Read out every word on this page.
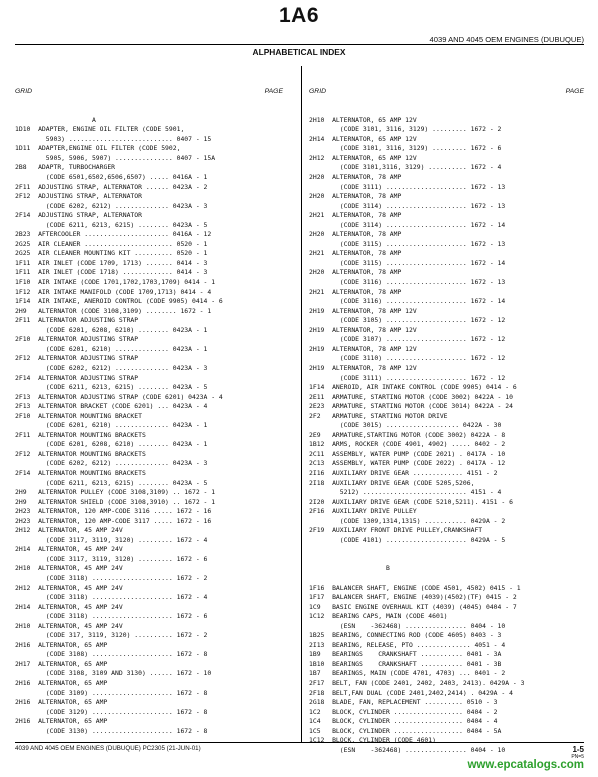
1A6
4039 AND 4045 OEM ENGINES (DUBUQUE)
ALPHABETICAL INDEX

GRID

	PAGE

A
1D10  ADAPTER, ENGINE OIL FILTER (CODE 5901,
5903) ........................... 0407 - 15
1D11  ADAPTER,ENGINE OIL FILTER (CODE 5902,
5905, 5906, 5907) ............... 0407 - 15A
2B8   ADAPTR, TURBOCHARGER
(CODE 6501,6502,6506,6507) ..... 0416A - 1
2F11  ADJUSTING STRAP, ALTERNATOR ...... 0423A - 2
2F12  ADJUSTING STRAP, ALTERNATOR
(CODE 6202, 6212) .............. 0423A - 3
2F14  ADJUSTING STRAP, ALTERNATOR
(CODE 6211, 6213, 6215) ........ 0423A - 5
2B23  AFTERCOOLER ...................... 0416A - 12
2G25  AIR CLEANER ....................... 0520 - 1
2G25  AIR CLEANER MOUNTING KIT .......... 0520 - 1
1F11  AIR INLET (CODE 1709, 1713) ....... 0414 - 3
1F11  AIR INLET (CODE 1718) ............. 0414 - 3
1F10  AIR INTAKE (CODE 1701,1702,1703,1709) 0414 - 1
1F12  AIR INTAKE MANIFOLD (CODE 1709,1713) 0414 - 4
1F14  AIR INTAKE, ANEROID CONTROL (CODE 9905) 0414 - 6
2H9   ALTERNATOR (CODE 3108,3109) ........ 1672 - 1
2F11  ALTERNATOR ADJUSTING STRAP
(CODE 6201, 6208, 6210) ........ 0423A - 1
2F10  ALTERNATOR ADJUSTING STRAP
(CODE 6201, 6210) .............. 0423A - 1
2F12  ALTERNATOR ADJUSTING STRAP
(CODE 6202, 6212) .............. 0423A - 3
2F14  ALTERNATOR ADJUSTING STRAP
(CODE 6211, 6213, 6215) ........ 0423A - 5
2F13  ALTERNATOR ADJUSTING STRAP (CODE 6201) 0423A - 4
2F13  ALTERNATOR BRACKET (CODE 6201) ... 0423A - 4
2F10  ALTERNATOR MOUNTING BRACKET
(CODE 6201, 6210) .............. 0423A - 1
2F11  ALTERNATOR MOUNTING BRACKETS
(CODE 6201, 6208, 6210) ........ 0423A - 1
2F12  ALTERNATOR MOUNTING BRACKETS
(CODE 6202, 6212) .............. 0423A - 3
2F14  ALTERNATOR MOUNTING BRACKETS
(CODE 6211, 6213, 6215) ........ 0423A - 5
2H9   ALTERNATOR PULLEY (CODE 3108,3109) .. 1672 - 1
2H9   ALTERNATOR SHIELD (CODE 3108,3910) .. 1672 - 1
2H23  ALTERNATOR, 120 AMP-CODE 3116 ..... 1672 - 16
2H23  ALTERNATOR, 120 AMP-CODE 3117 ..... 1672 - 16
2H12  ALTERNATOR, 45 AMP 24V
(CODE 3117, 3119, 3120) ......... 1672 - 4
2H14  ALTERNATOR, 45 AMP 24V
(CODE 3117, 3119, 3120) ......... 1672 - 6
2H10  ALTERNATOR, 45 AMP 24V
(CODE 3118) ..................... 1672 - 2
2H12  ALTERNATOR, 45 AMP 24V
(CODE 3118) ..................... 1672 - 4
2H14  ALTERNATOR, 45 AMP 24V
(CODE 3118) ..................... 1672 - 6
2H10  ALTERNATOR, 45 AMP 24V
(CODE 317, 3119, 3120) .......... 1672 - 2
2H16  ALTERNATOR, 65 AMP
(CODE 3108) ..................... 1672 - 8
2H17  ALTERNATOR, 65 AMP
(CODE 3108, 3109 AND 3130) ...... 1672 - 10
2H16  ALTERNATOR, 65 AMP
(CODE 3109) ..................... 1672 - 8
2H16  ALTERNATOR, 65 AMP
(CODE 3129) ..................... 1672 - 8
2H16  ALTERNATOR, 65 AMP
(CODE 3130) ..................... 1672 - 8

GRID

	PAGE

2H10  ALTERNATOR, 65 AMP 12V
(CODE 3101, 3116, 3129) ......... 1672 - 2
2H14  ALTERNATOR, 65 AMP 12V
(CODE 3101, 3116, 3129) ......... 1672 - 6
2H12  ALTERNATOR, 65 AMP 12V
(CODE 3101,3116, 3129) .......... 1672 - 4
2H20  ALTERNATOR, 78 AMP
(CODE 3111) ..................... 1672 - 13
2H20  ALTERNATOR, 78 AMP
(CODE 3114) ..................... 1672 - 13
2H21  ALTERNATOR, 78 AMP
(CODE 3114) ..................... 1672 - 14
2H20  ALTERNATOR, 78 AMP
(CODE 3115) ..................... 1672 - 13
2H21  ALTERNATOR, 78 AMP
(CODE 3115) ..................... 1672 - 14
2H20  ALTERNATOR, 78 AMP
(CODE 3116) ..................... 1672 - 13
2H21  ALTERNATOR, 78 AMP
(CODE 3116) ..................... 1672 - 14
2H19  ALTERNATOR, 78 AMP 12V
(CODE 3105) ..................... 1672 - 12
2H19  ALTERNATOR, 78 AMP 12V
(CODE 3107) ..................... 1672 - 12
2H19  ALTERNATOR, 78 AMP 12V
(CODE 3110) ..................... 1672 - 12
2H19  ALTERNATOR, 78 AMP 12V
(CODE 3111) ..................... 1672 - 12
1F14  ANEROID, AIR INTAKE CONTROL (CODE 9905) 0414 - 6
2E11  ARMATURE, STARTING MOTOR (CODE 3002) 0422A - 10
2E23  ARMATURE, STARTING MOTOR (CODE 3014) 0422A - 24
2F2   ARMATURE, STARTING MOTOR DRIVE
(CODE 3015) ................... 0422A - 30
2E9   ARMATURE,STARTING MOTOR (CODE 3002) 0422A - 8
1B12  ARMS, ROCKER (CODE 4901, 4902) ..... 0402 - 2
2C11  ASSEMBLY, WATER PUMP (CODE 2021) . 0417A - 10
2C13  ASSEMBLY, WATER PUMP (CODE 2022) . 0417A - 12
2I16  AUXILIARY DRIVE GEAR ............. 4151 - 2
2I18  AUXILIARY DRIVE GEAR (CODE 5205,5206,
5212) ........................... 4151 - 4
2I20  AUXILIARY DRIVE GEAR (CODE 5210,5211). 4151 - 6
2F16  AUXILIARY DRIVE PULLEY
(CODE 1309,1314,1315) ........... 0429A - 2
2F19  AUXILIARY FRONT DRIVE PULLEY,CRANKSHAFT
(CODE 4101) ..................... 0429A - 5
B
1F16  BALANCER SHAFT, ENGINE (CODE 4501, 4502) 0415 - 1
1F17  BALANCER SHAFT, ENGINE (4039)(4502)(TF) 0415 - 2
1C9   BASIC ENGINE OVERHAUL KIT (4039) (4045) 0404 - 7
1C12  BEARING CAPS, MAIN (CODE 4601)
(ESN    -362468) ................ 0404 - 10
1B25  BEARING, CONNECTING ROD (CODE 4605) 0403 - 3
2I13  BEARING, RELEASE, PTO .............. 4051 - 4
1B9   BEARINGS    CRANKSHAFT ........... 0401 - 3A
1B10  BEARINGS    CRANKSHAFT ........... 0401 - 3B
1B7   BEARINGS, MAIN (CODE 4701, 4703) ... 0401 - 2
2F17  BELT, FAN (CODE 2401, 2402, 2403, 2413). 0429A - 3
2F18  BELT,FAN DUAL (CODE 2401,2402,2414) . 0429A - 4
2G18  BLADE, FAN, REPLACEMENT .......... 0510 - 3
1C2   BLOCK, CYLINDER .................. 0404 - 2
1C4   BLOCK, CYLINDER .................. 0404 - 4
1C5   BLOCK, CYLINDER .................. 0404 - 5A
1C12  BLOCK, CYLINDER (CODE 4601)
(ESN    -362468) ................ 0404 - 10

4039 AND 4045 OEM ENGINES (DUBUQUE) PC2305 (21-JUN-01)	1-5
PN=5
www.epcatalogs.com
